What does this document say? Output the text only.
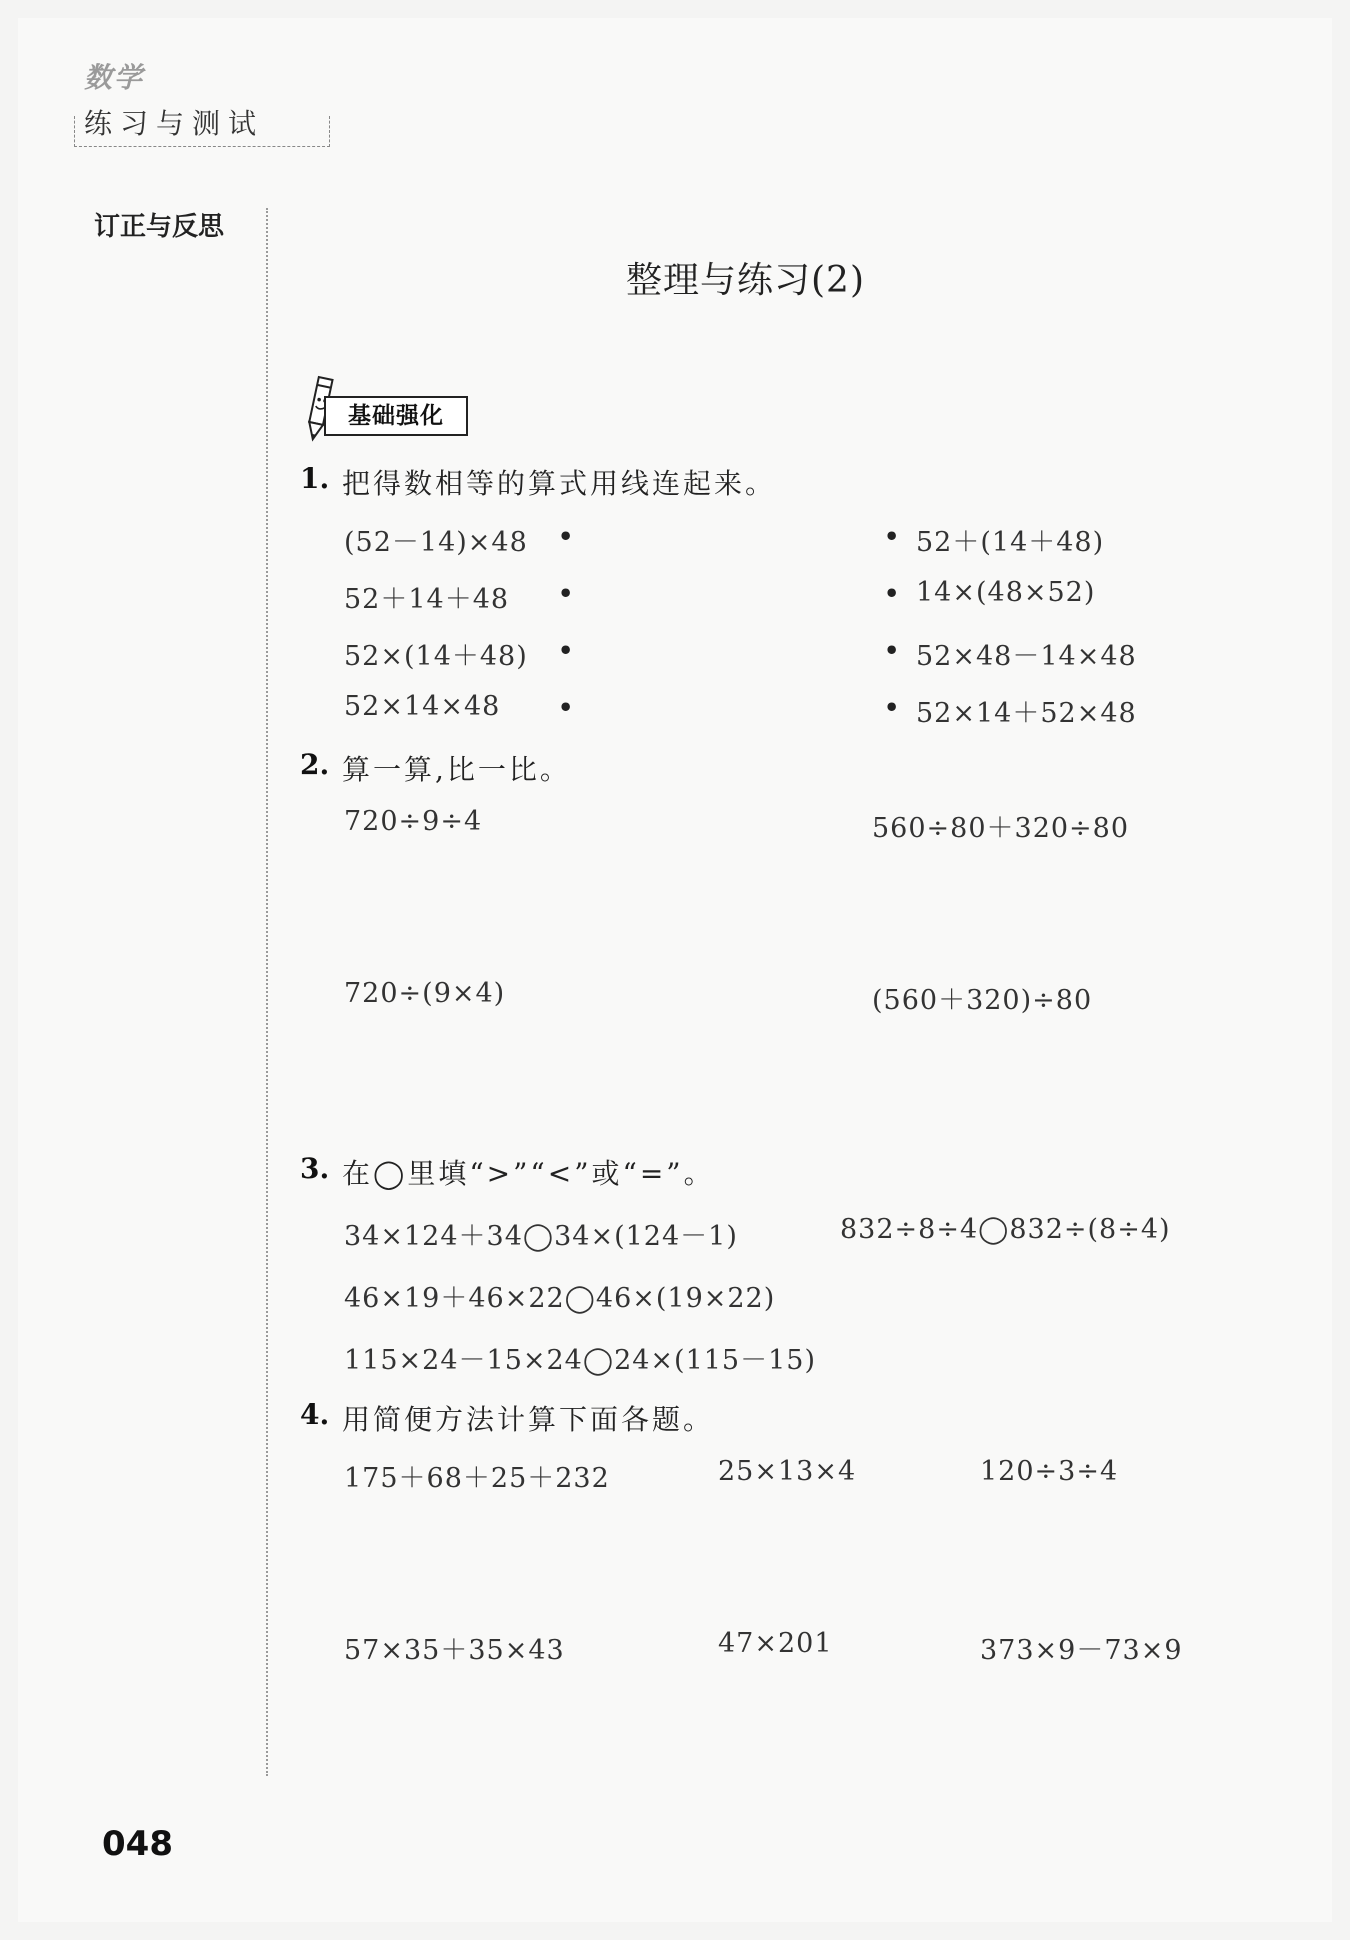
数学
练习与测试
订正与反思
整理与练习(2)
基础强化
1. 把得数相等的算式用线连起来。
(52－14)×48
52＋14＋48
52×(14＋48)
52×14×48
•
•
•
•
•
•
•
•
52＋(14＋48)
14×(48×52)
52×48－14×48
52×14＋52×48
2. 算一算,比一比。
720÷9÷4	560÷80＋320÷80
720÷(9×4)	(560＋320)÷80
3. 在◯里填“>”“<”或“=”。
34×124＋34◯34×(124－1)	832÷8÷4◯832÷(8÷4)
46×19＋46×22◯46×(19×22)
115×24－15×24◯24×(115－15)
4. 用简便方法计算下面各题。
175＋68＋25＋232	25×13×4	120÷3÷4
57×35＋35×43	47×201	373×9－73×9
048
